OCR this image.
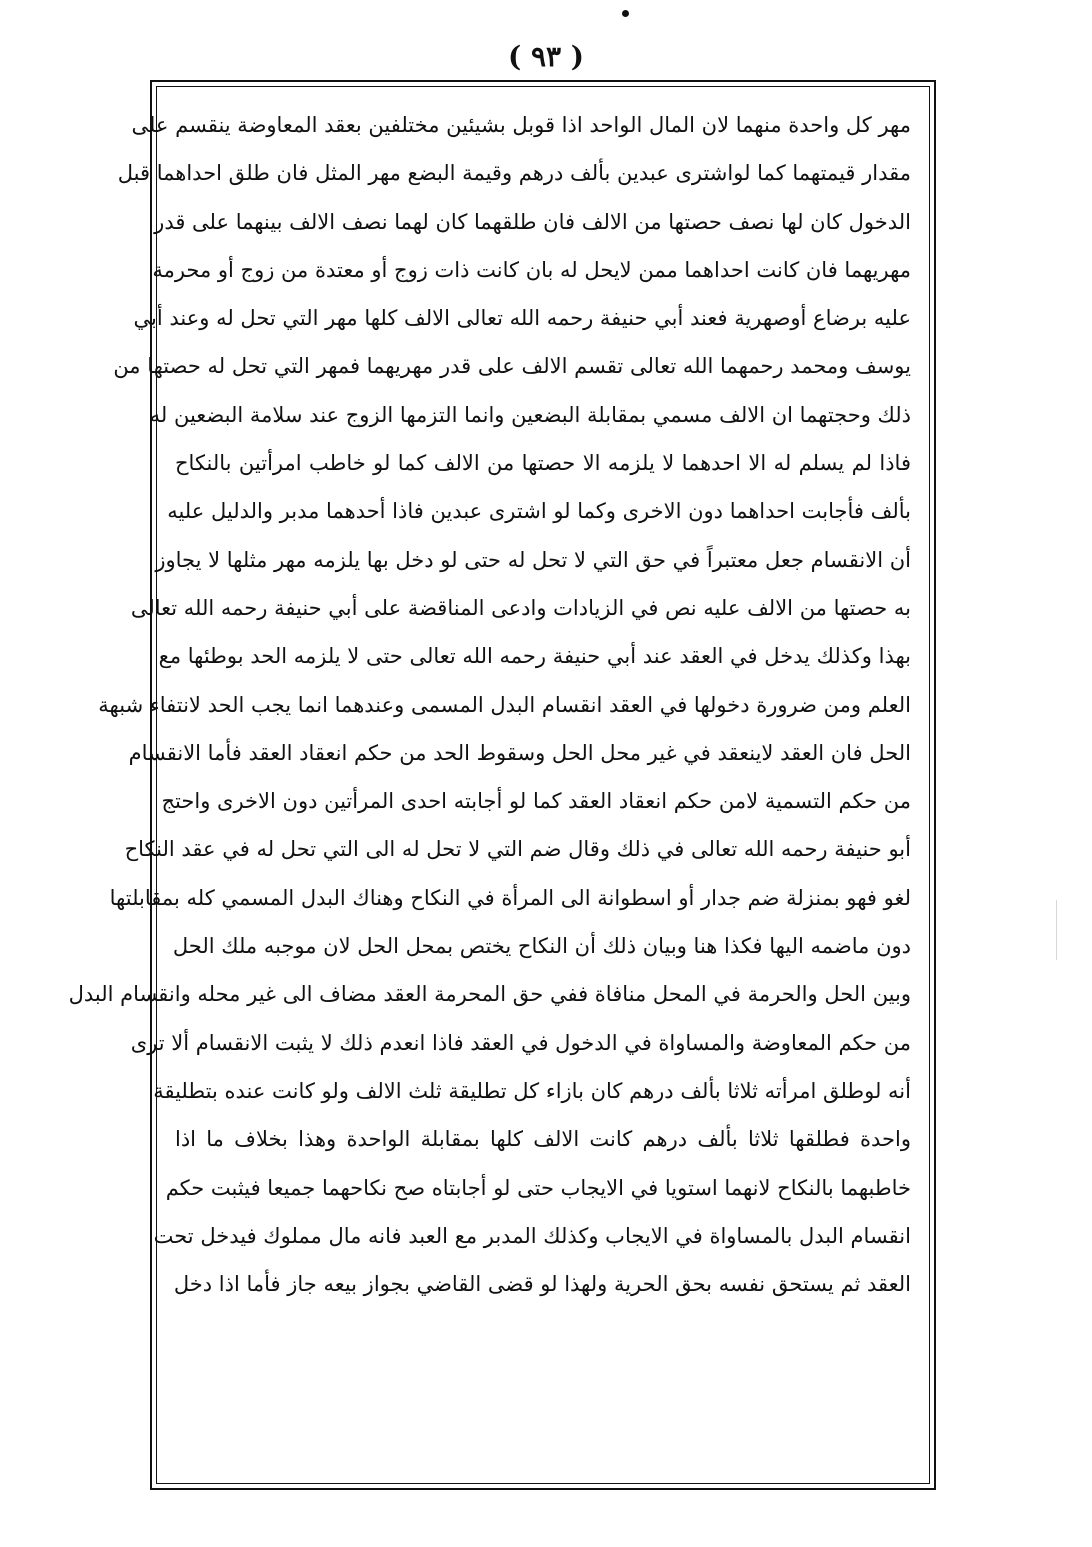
( ٩٣ )
مهر كل واحدة منهما لان المال الواحد اذا قوبل بشيئين مختلفين بعقد المعاوضة ينقسم على
مقدار قيمتهما كما لواشترى عبدين بألف درهم وقيمة البضع مهر المثل فان طلق احداهما قبل
الدخول كان لها نصف حصتها من الالف فان طلقهما كان لهما نصف الالف بينهما على قدر
مهريهما فان كانت احداهما ممن لايحل له بان كانت ذات زوج أو معتدة من زوج أو محرمة
عليه برضاع أوصهرية فعند أبي حنيفة رحمه الله تعالى الالف كلها مهر التي تحل له وعند أبي
يوسف ومحمد رحمهما الله تعالى تقسم الالف على قدر مهريهما فمهر التي تحل له حصتها من
ذلك وحجتهما ان الالف مسمي بمقابلة البضعين وانما التزمها الزوج عند سلامة البضعين له
فاذا لم يسلم له الا احدهما لا يلزمه الا حصتها من الالف كما لو خاطب امرأتين بالنكاح
بألف فأجابت احداهما دون الاخرى وكما لو اشترى عبدين فاذا أحدهما مدبر والدليل عليه
أن الانقسام جعل معتبراً في حق التي لا تحل له حتى لو دخل بها يلزمه مهر مثلها لا يجاوز
به حصتها من الالف عليه نص في الزيادات وادعى المناقضة على أبي حنيفة رحمه الله تعالى
بهذا وكذلك يدخل في العقد عند أبي حنيفة رحمه الله تعالى حتى لا يلزمه الحد بوطئها مع
العلم ومن ضرورة دخولها في العقد انقسام البدل المسمى وعندهما انما يجب الحد لانتفاء شبهة
الحل فان العقد لاينعقد في غير محل الحل وسقوط الحد من حكم انعقاد العقد فأما الانقسام
من حكم التسمية لامن حكم انعقاد العقد كما لو أجابته احدى المرأتين دون الاخرى واحتج
أبو حنيفة رحمه الله تعالى في ذلك وقال ضم التي لا تحل له الى التي تحل له في عقد النكاح
لغو فهو بمنزلة ضم جدار أو اسطوانة الى المرأة في النكاح وهناك البدل المسمي كله بمقابلتها
دون ماضمه اليها فكذا هنا وبيان ذلك أن النكاح يختص بمحل الحل لان موجبه ملك الحل
وبين الحل والحرمة في المحل منافاة ففي حق المحرمة العقد مضاف الى غير محله وانقسام البدل
من حكم المعاوضة والمساواة في الدخول في العقد فاذا انعدم ذلك لا يثبت الانقسام ألا ترى
أنه لوطلق امرأته ثلاثا بألف درهم كان بازاء كل تطليقة ثلث الالف ولو كانت عنده بتطليقة
واحدة فطلقها ثلاثا بألف درهم كانت الالف كلها بمقابلة الواحدة وهذا بخلاف ما اذا
خاطبهما بالنكاح لانهما استويا في الايجاب حتى لو أجابتاه صح نكاحهما جميعا فيثبت حكم
انقسام البدل بالمساواة في الايجاب وكذلك المدبر مع العبد فانه مال مملوك فيدخل تحت
العقد ثم يستحق نفسه بحق الحرية ولهذا لو قضى القاضي بجواز بيعه جاز فأما اذا دخل
